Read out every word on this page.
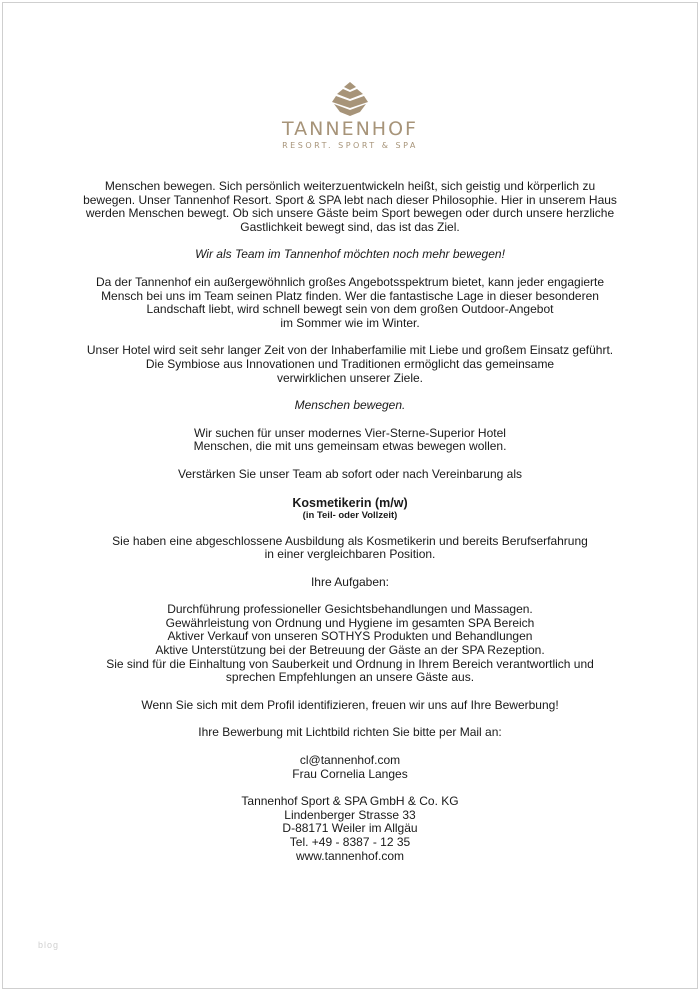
TANNENHOF
RESORT. SPORT & SPA

Menschen bewegen. Sich persönlich weiterzuentwickeln heißt, sich geistig und körperlich zu
bewegen. Unser Tannenhof Resort. Sport & SPA lebt nach dieser Philosophie. Hier in unserem Haus
werden Menschen bewegt. Ob sich unsere Gäste beim Sport bewegen oder durch unsere herzliche
Gastlichkeit bewegt sind, das ist das Ziel.

Wir als Team im Tannenhof möchten noch mehr bewegen!

Da der Tannenhof ein außergewöhnlich großes Angebotsspektrum bietet, kann jeder engagierte
Mensch bei uns im Team seinen Platz finden. Wer die fantastische Lage in dieser besonderen
Landschaft liebt, wird schnell bewegt sein von dem großen Outdoor-Angebot
im Sommer wie im Winter.

Unser Hotel wird seit sehr langer Zeit von der Inhaberfamilie mit Liebe und großem Einsatz geführt.
Die Symbiose aus Innovationen und Traditionen ermöglicht das gemeinsame
verwirklichen unserer Ziele.

Menschen bewegen.

Wir suchen für unser modernes Vier-Sterne-Superior Hotel
Menschen, die mit uns gemeinsam etwas bewegen wollen.

Verstärken Sie unser Team ab sofort oder nach Vereinbarung als

Kosmetikerin (m/w)
(in Teil- oder Vollzeit)

Sie haben eine abgeschlossene Ausbildung als Kosmetikerin und bereits Berufserfahrung
in einer vergleichbaren Position.

Ihre Aufgaben:

Durchführung professioneller Gesichtsbehandlungen und Massagen.
Gewährleistung von Ordnung und Hygiene im gesamten SPA Bereich
Aktiver Verkauf von unseren SOTHYS Produkten und Behandlungen
Aktive Unterstützung bei der Betreuung der Gäste an der SPA Rezeption.
Sie sind für die Einhaltung von Sauberkeit und Ordnung in Ihrem Bereich verantwortlich und
sprechen Empfehlungen an unsere Gäste aus.

Wenn Sie sich mit dem Profil identifizieren, freuen wir uns auf Ihre Bewerbung!

Ihre Bewerbung mit Lichtbild richten Sie bitte per Mail an:

cl@tannenhof.com
Frau Cornelia Langes

Tannenhof Sport & SPA GmbH & Co. KG
Lindenberger Strasse 33
D-88171 Weiler im Allgäu
Tel. +49 - 8387 - 12 35
www.tannenhof.com

blog
